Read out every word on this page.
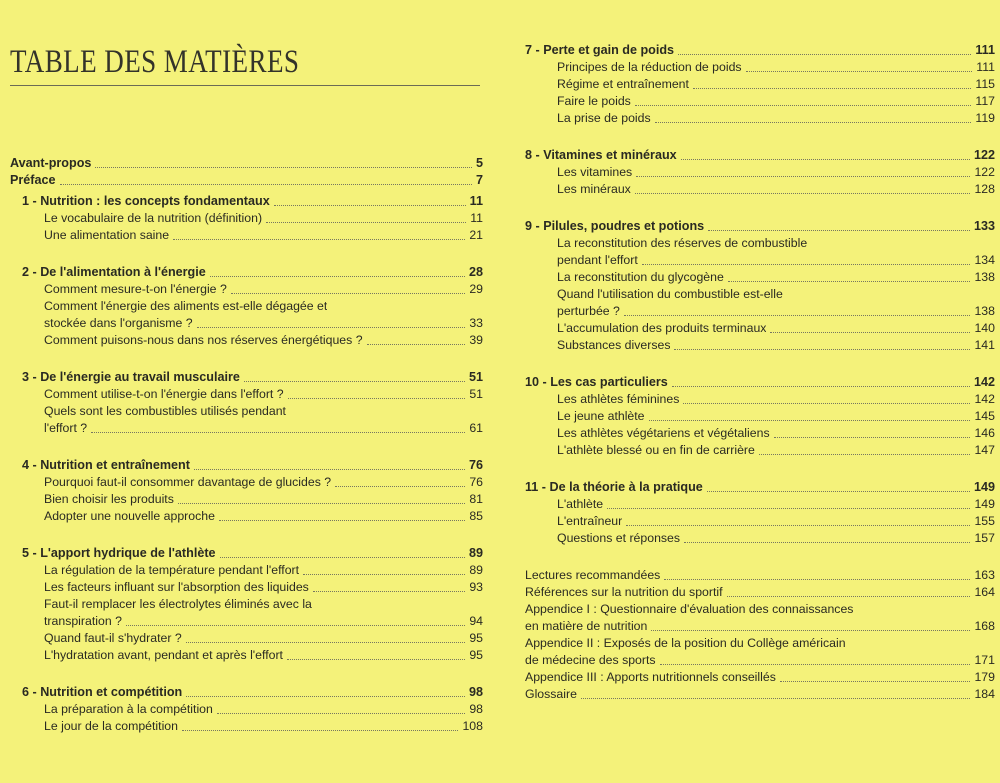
TABLE DES MATIÈRES
Avant-propos	5
Préface	7
1 - Nutrition : les concepts fondamentaux	11
Le vocabulaire de la nutrition (définition)	11
Une alimentation saine	21
2 - De l'alimentation à l'énergie	28
Comment mesure-t-on l'énergie ?	29
Comment l'énergie des aliments est-elle dégagée et
stockée dans l'organisme ?	33
Comment puisons-nous dans nos réserves énergétiques ?	39
3 - De l'énergie au travail musculaire	51
Comment utilise-t-on l'énergie dans l'effort ?	51
Quels sont les combustibles utilisés pendant
l'effort ?	61
4 - Nutrition et entraînement	76
Pourquoi faut-il consommer davantage de glucides ?	76
Bien choisir les produits	81
Adopter une nouvelle approche	85
5 - L'apport hydrique de l'athlète	89
La régulation de la température pendant l'effort	89
Les facteurs influant sur l'absorption des liquides	93
Faut-il remplacer les électrolytes éliminés avec la
transpiration ?	94
Quand faut-il s'hydrater ?	95
L'hydratation avant, pendant et après l'effort	95
6 - Nutrition et compétition	98
La préparation à la compétition	98
Le jour de la compétition	108
7 - Perte et gain de poids	111
Principes de la réduction de poids	111
Régime et entraînement	115
Faire le poids	117
La prise de poids	119
8 - Vitamines et minéraux	122
Les vitamines	122
Les minéraux	128
9 - Pilules, poudres et potions	133
La reconstitution des réserves de combustible
pendant l'effort	134
La reconstitution du glycogène	138
Quand l'utilisation du combustible est-elle
perturbée ?	138
L'accumulation des produits terminaux	140
Substances diverses	141
10 - Les cas particuliers	142
Les athlètes féminines	142
Le jeune athlète	145
Les athlètes végétariens et végétaliens	146
L'athlète blessé ou en fin de carrière	147
11 - De la théorie à la pratique	149
L'athlète	149
L'entraîneur	155
Questions et réponses	157
Lectures recommandées	163
Références sur la nutrition du sportif	164
Appendice I : Questionnaire d'évaluation des connaissances
en matière de nutrition	168
Appendice II : Exposés de la position du Collège américain
de médecine des sports	171
Appendice III : Apports nutritionnels conseillés	179
Glossaire	184
